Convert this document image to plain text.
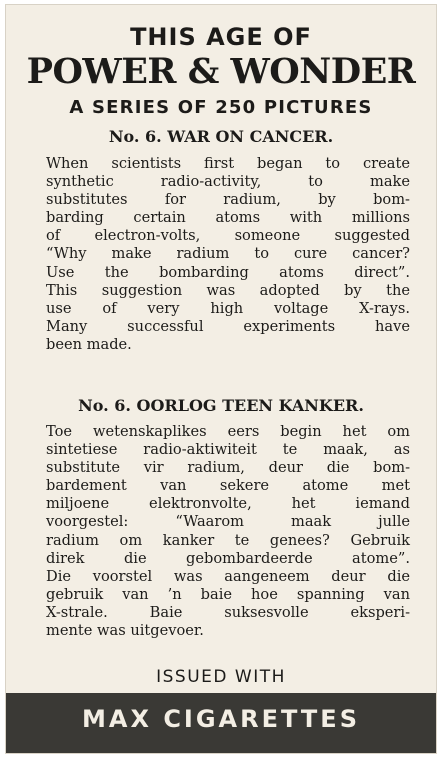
THIS AGE OF
POWER & WONDER
A SERIES OF 250 PICTURES
No. 6. WAR ON CANCER.
When scientists first began to create
synthetic radio-activity, to make
substitutes for radium, by bom-
barding certain atoms with millions
of electron-volts, someone suggested
“Why make radium to cure cancer?
Use the bombarding atoms direct”.
This suggestion was adopted by the
use of very high voltage X-rays.
Many successful experiments have
been made.
No. 6. OORLOG TEEN KANKER.
Toe wetenskaplikes eers begin het om
sintetiese radio-aktiwiteit te maak, as
substitute vir radium, deur die bom-
bardement van sekere atome met
miljoene elektronvolte, het iemand
voorgestel: “Waarom maak julle
radium om kanker te genees? Gebruik
direk die gebombardeerde atome”.
Die voorstel was aangeneem deur die
gebruik van ’n baie hoe spanning van
X-strale. Baie suksesvolle eksperi-
mente was uitgevoer.
ISSUED WITH
MAX CIGARETTES
